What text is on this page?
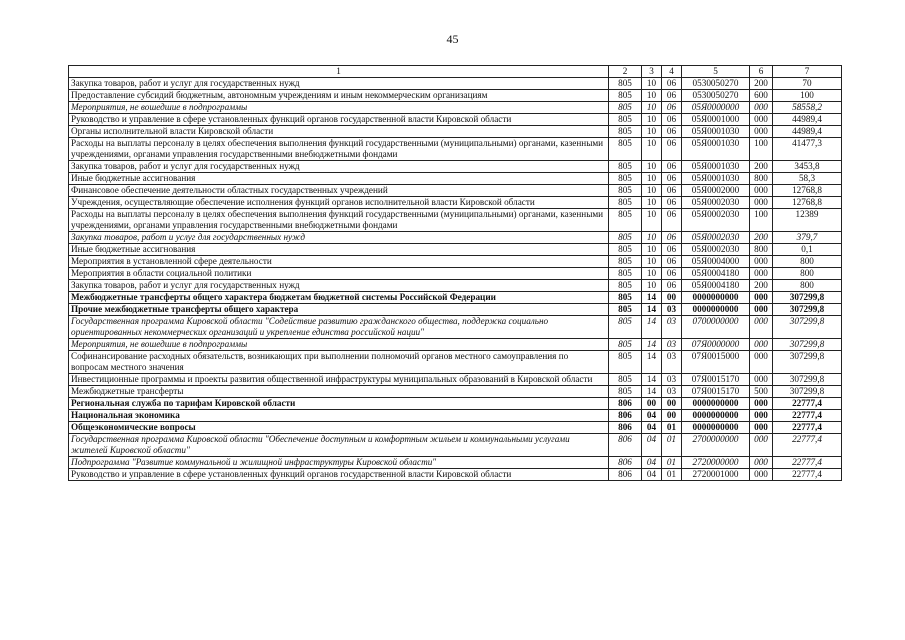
45
1	2	3	4	5	6	7
Закупка товаров, работ и услуг для государственных нужд	805	10	06	0530050270	200	70
Предоставление субсидий бюджетным, автономным учреждениям и иным некоммерческим организациям	805	10	06	0530050270	600	100
Мероприятия, не вошедшие в подпрограммы	805	10	06	05Я0000000	000	58558,2
Руководство и управление в сфере установленных функций органов государственной власти Кировской области	805	10	06	05Я0001000	000	44989,4
Органы исполнительной власти Кировской области	805	10	06	05Я0001030	000	44989,4
Расходы на выплаты персоналу в целях обеспечения выполнения функций государственными (муниципальными) органами, казенными учреждениями, органами управления государственными внебюджетными фондами	805	10	06	05Я0001030	100	41477,3
Закупка товаров, работ и услуг для государственных нужд	805	10	06	05Я0001030	200	3453,8
Иные бюджетные ассигнования	805	10	06	05Я0001030	800	58,3
Финансовое обеспечение деятельности областных государственных учреждений	805	10	06	05Я0002000	000	12768,8
Учреждения, осуществляющие обеспечение исполнения функций органов исполнительной власти Кировской области	805	10	06	05Я0002030	000	12768,8
Расходы на выплаты персоналу в целях обеспечения выполнения функций государственными (муниципальными) органами, казенными учреждениями, органами управления государственными внебюджетными фондами	805	10	06	05Я0002030	100	12389
Закупка товаров, работ и услуг для государственных нужд	805	10	06	05Я0002030	200	379,7
Иные бюджетные ассигнования	805	10	06	05Я0002030	800	0,1
Мероприятия в установленной сфере деятельности	805	10	06	05Я0004000	000	800
Мероприятия в области социальной политики	805	10	06	05Я0004180	000	800
Закупка товаров, работ и услуг для государственных нужд	805	10	06	05Я0004180	200	800
Межбюджетные трансферты общего характера бюджетам бюджетной системы Российской Федерации	805	14	00	0000000000	000	307299,8
Прочие межбюджетные трансферты общего характера	805	14	03	0000000000	000	307299,8
Государственная программа Кировской области "Содействие развитию гражданского общества, поддержка социально ориентированных некоммерческих организаций и укрепление единства российской нации"	805	14	03	0700000000	000	307299,8
Мероприятия, не вошедшие в подпрограммы	805	14	03	07Я0000000	000	307299,8
Софинансирование расходных обязательств, возникающих при выполнении полномочий органов местного самоуправления по вопросам местного значения	805	14	03	07Я0015000	000	307299,8
Инвестиционные программы и проекты развития общественной инфраструктуры муниципальных образований в Кировской области	805	14	03	07Я0015170	000	307299,8
Межбюджетные трансферты	805	14	03	07Я0015170	500	307299,8
Региональная служба по тарифам Кировской области	806	00	00	0000000000	000	22777,4
Национальная экономика	806	04	00	0000000000	000	22777,4
Общеэкономические вопросы	806	04	01	0000000000	000	22777,4
Государственная программа Кировской области "Обеспечение доступным и комфортным жильем и коммунальными услугами жителей Кировской области"	806	04	01	2700000000	000	22777,4
Подпрограмма "Развитие коммунальной и жилищной инфраструктуры Кировской области"	806	04	01	2720000000	000	22777,4
Руководство и управление в сфере установленных функций органов государственной власти Кировской области	806	04	01	2720001000	000	22777,4
